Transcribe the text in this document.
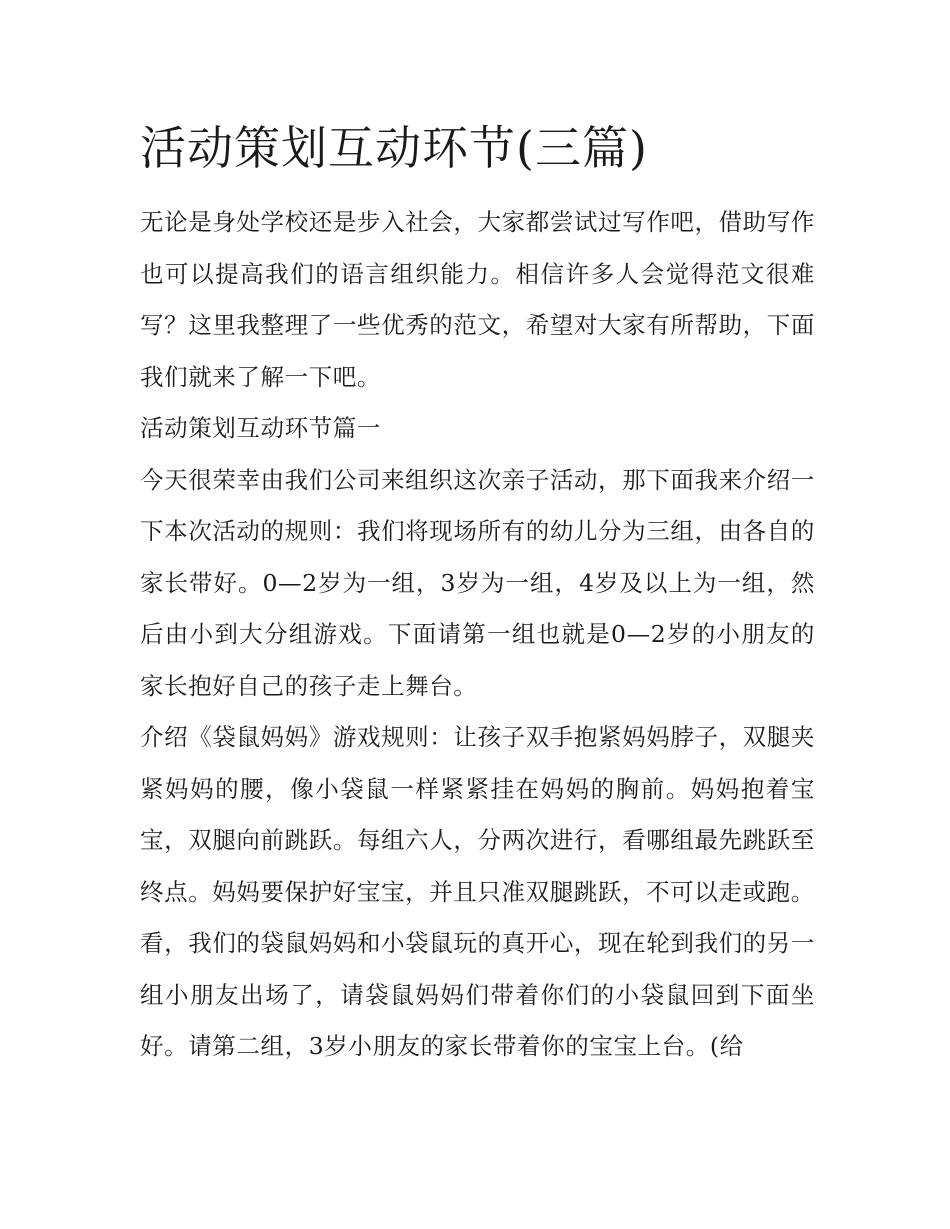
活动策划互动环节(三篇)

无论是身处学校还是步入社会，大家都尝试过写作吧，借助写作也可以提高我们的语言组织能力。相信许多人会觉得范文很难写？这里我整理了一些优秀的范文，希望对大家有所帮助，下面我们就来了解一下吧。

活动策划互动环节篇一

今天很荣幸由我们公司来组织这次亲子活动，那下面我来介绍一下本次活动的规则：我们将现场所有的幼儿分为三组，由各自的家长带好。0—2岁为一组，3岁为一组，4岁及以上为一组，然后由小到大分组游戏。下面请第一组也就是0—2岁的小朋友的家长抱好自己的孩子走上舞台。

介绍《袋鼠妈妈》游戏规则：让孩子双手抱紧妈妈脖子，双腿夹紧妈妈的腰，像小袋鼠一样紧紧挂在妈妈的胸前。妈妈抱着宝宝，双腿向前跳跃。每组六人，分两次进行，看哪组最先跳跃至终点。妈妈要保护好宝宝，并且只准双腿跳跃，不可以走或跑。

看，我们的袋鼠妈妈和小袋鼠玩的真开心，现在轮到我们的另一组小朋友出场了，请袋鼠妈妈们带着你们的小袋鼠回到下面坐好。请第二组，3岁小朋友的家长带着你的宝宝上台。(给
